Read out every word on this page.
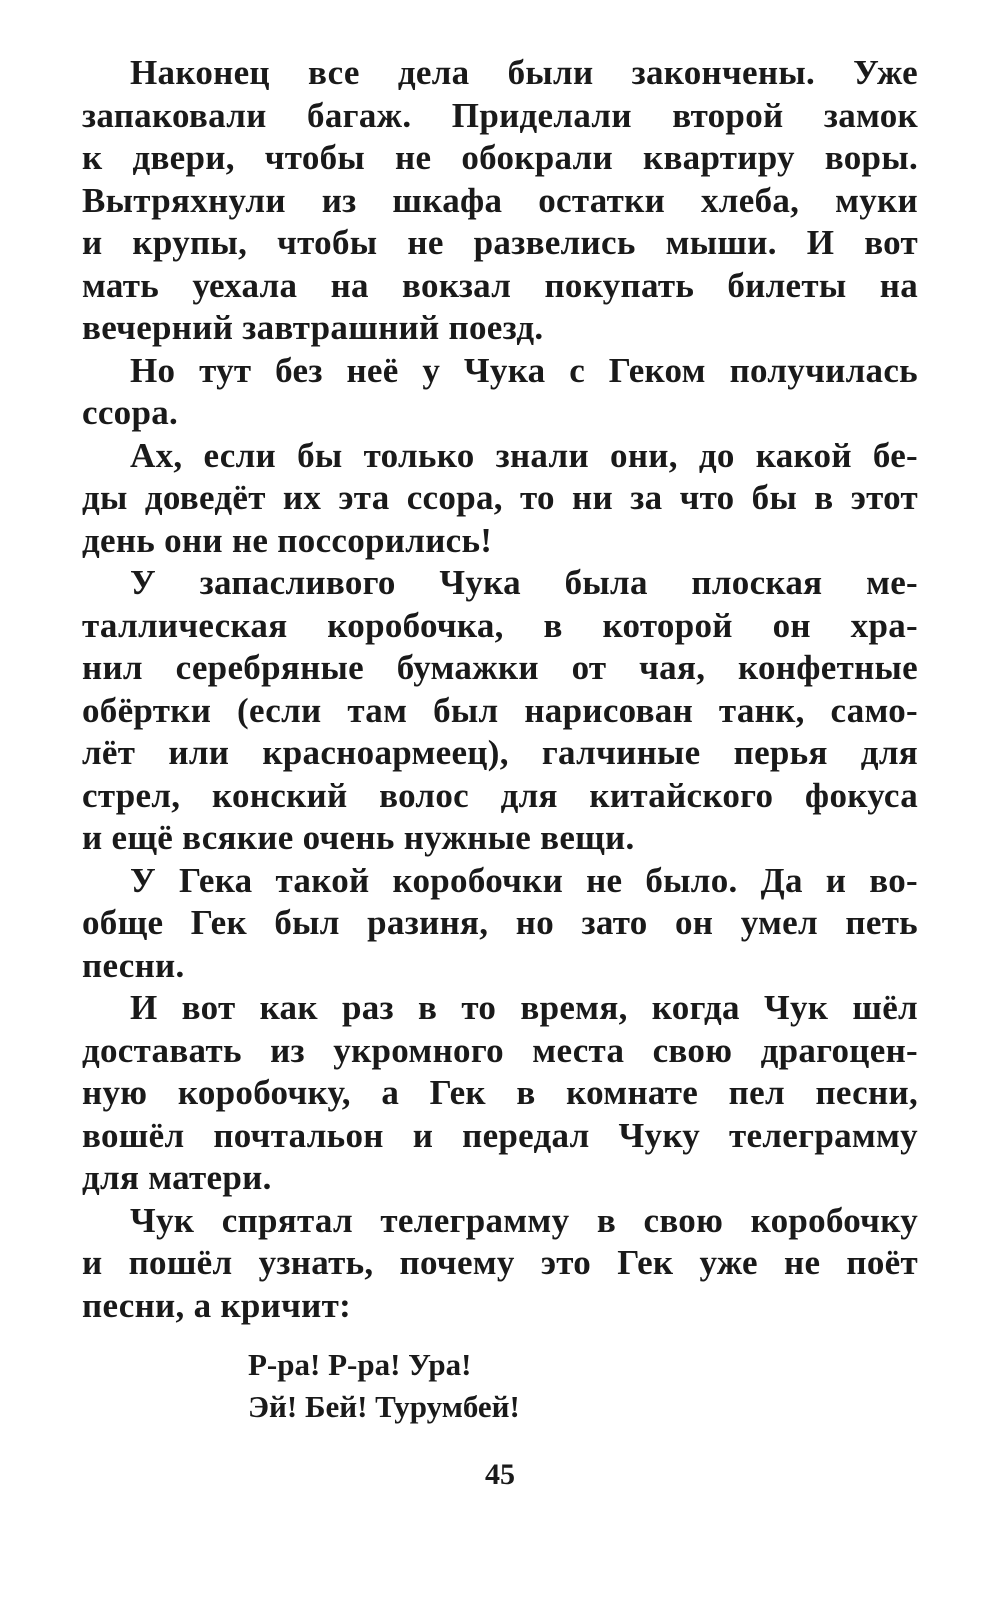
Наконец все дела были закончены. Уже
запаковали багаж. Приделали второй замок
к двери, чтобы не обокрали квартиру воры.
Вытряхнули из шкафа остатки хлеба, муки
и крупы, чтобы не развелись мыши. И вот
мать уехала на вокзал покупать билеты на
вечерний завтрашний поезд.

Но тут без неё у Чука с Геком получилась
ссора.

Ах, если бы только знали они, до какой бе-
ды доведёт их эта ссора, то ни за что бы в этот
день они не поссорились!

У запасливого Чука была плоская ме-
таллическая коробочка, в которой он хра-
нил серебряные бумажки от чая, конфетные
обёртки (если там был нарисован танк, само-
лёт или красноармеец), галчиные перья для
стрел, конский волос для китайского фокуса
и ещё всякие очень нужные вещи.

У Гека такой коробочки не было. Да и во-
обще Гек был разиня, но зато он умел петь
песни.

И вот как раз в то время, когда Чук шёл
доставать из укромного места свою драгоцен-
ную коробочку, а Гек в комнате пел песни,
вошёл почтальон и передал Чуку телеграмму
для матери.

Чук спрятал телеграмму в свою коробочку
и пошёл узнать, почему это Гек уже не поёт
песни, а кричит:

Р-ра! Р-ра! Ура!
Эй! Бей! Турумбей!
45
